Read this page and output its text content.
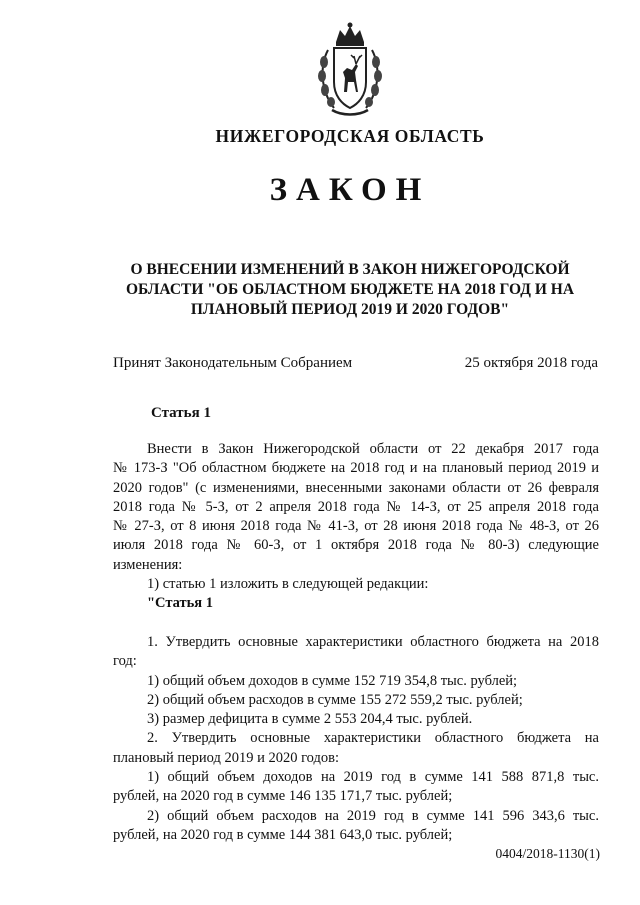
НИЖЕГОРОДСКАЯ ОБЛАСТЬ
ЗАКОН
О ВНЕСЕНИИ ИЗМЕНЕНИЙ В ЗАКОН НИЖЕГОРОДСКОЙ
ОБЛАСТИ "ОБ ОБЛАСТНОМ БЮДЖЕТЕ НА 2018 ГОД И НА
ПЛАНОВЫЙ ПЕРИОД 2019 И 2020 ГОДОВ"
Принят Законодательным Собранием	25 октября 2018 года
Статья 1
Внести в Закон Нижегородской области от 22 декабря 2017 года
№ 173-З "Об областном бюджете на 2018 год и на плановый период 2019 и
2020 годов" (с изменениями, внесенными законами области от 26 февраля
2018 года № 5-З, от 2 апреля 2018 года № 14-З, от 25 апреля 2018 года
№ 27-З, от 8 июня 2018 года № 41-З, от 28 июня 2018 года № 48-З, от 26
июля 2018 года № 60-З, от 1 октября 2018 года № 80-З) следующие
изменения:
1) статью 1 изложить в следующей редакции:
"Статья 1
1. Утвердить основные характеристики областного бюджета на 2018
год:
1) общий объем доходов в сумме 152 719 354,8 тыс. рублей;
2) общий объем расходов в сумме 155 272 559,2 тыс. рублей;
3) размер дефицита в сумме 2 553 204,4 тыс. рублей.
2. Утвердить основные характеристики областного бюджета на
плановый период 2019 и 2020 годов:
1) общий объем доходов на 2019 год в сумме 141 588 871,8 тыс.
рублей, на 2020 год в сумме 146 135 171,7 тыс. рублей;
2) общий объем расходов на 2019 год в сумме 141 596 343,6 тыс.
рублей, на 2020 год в сумме 144 381 643,0 тыс. рублей;
0404/2018-1130(1)
